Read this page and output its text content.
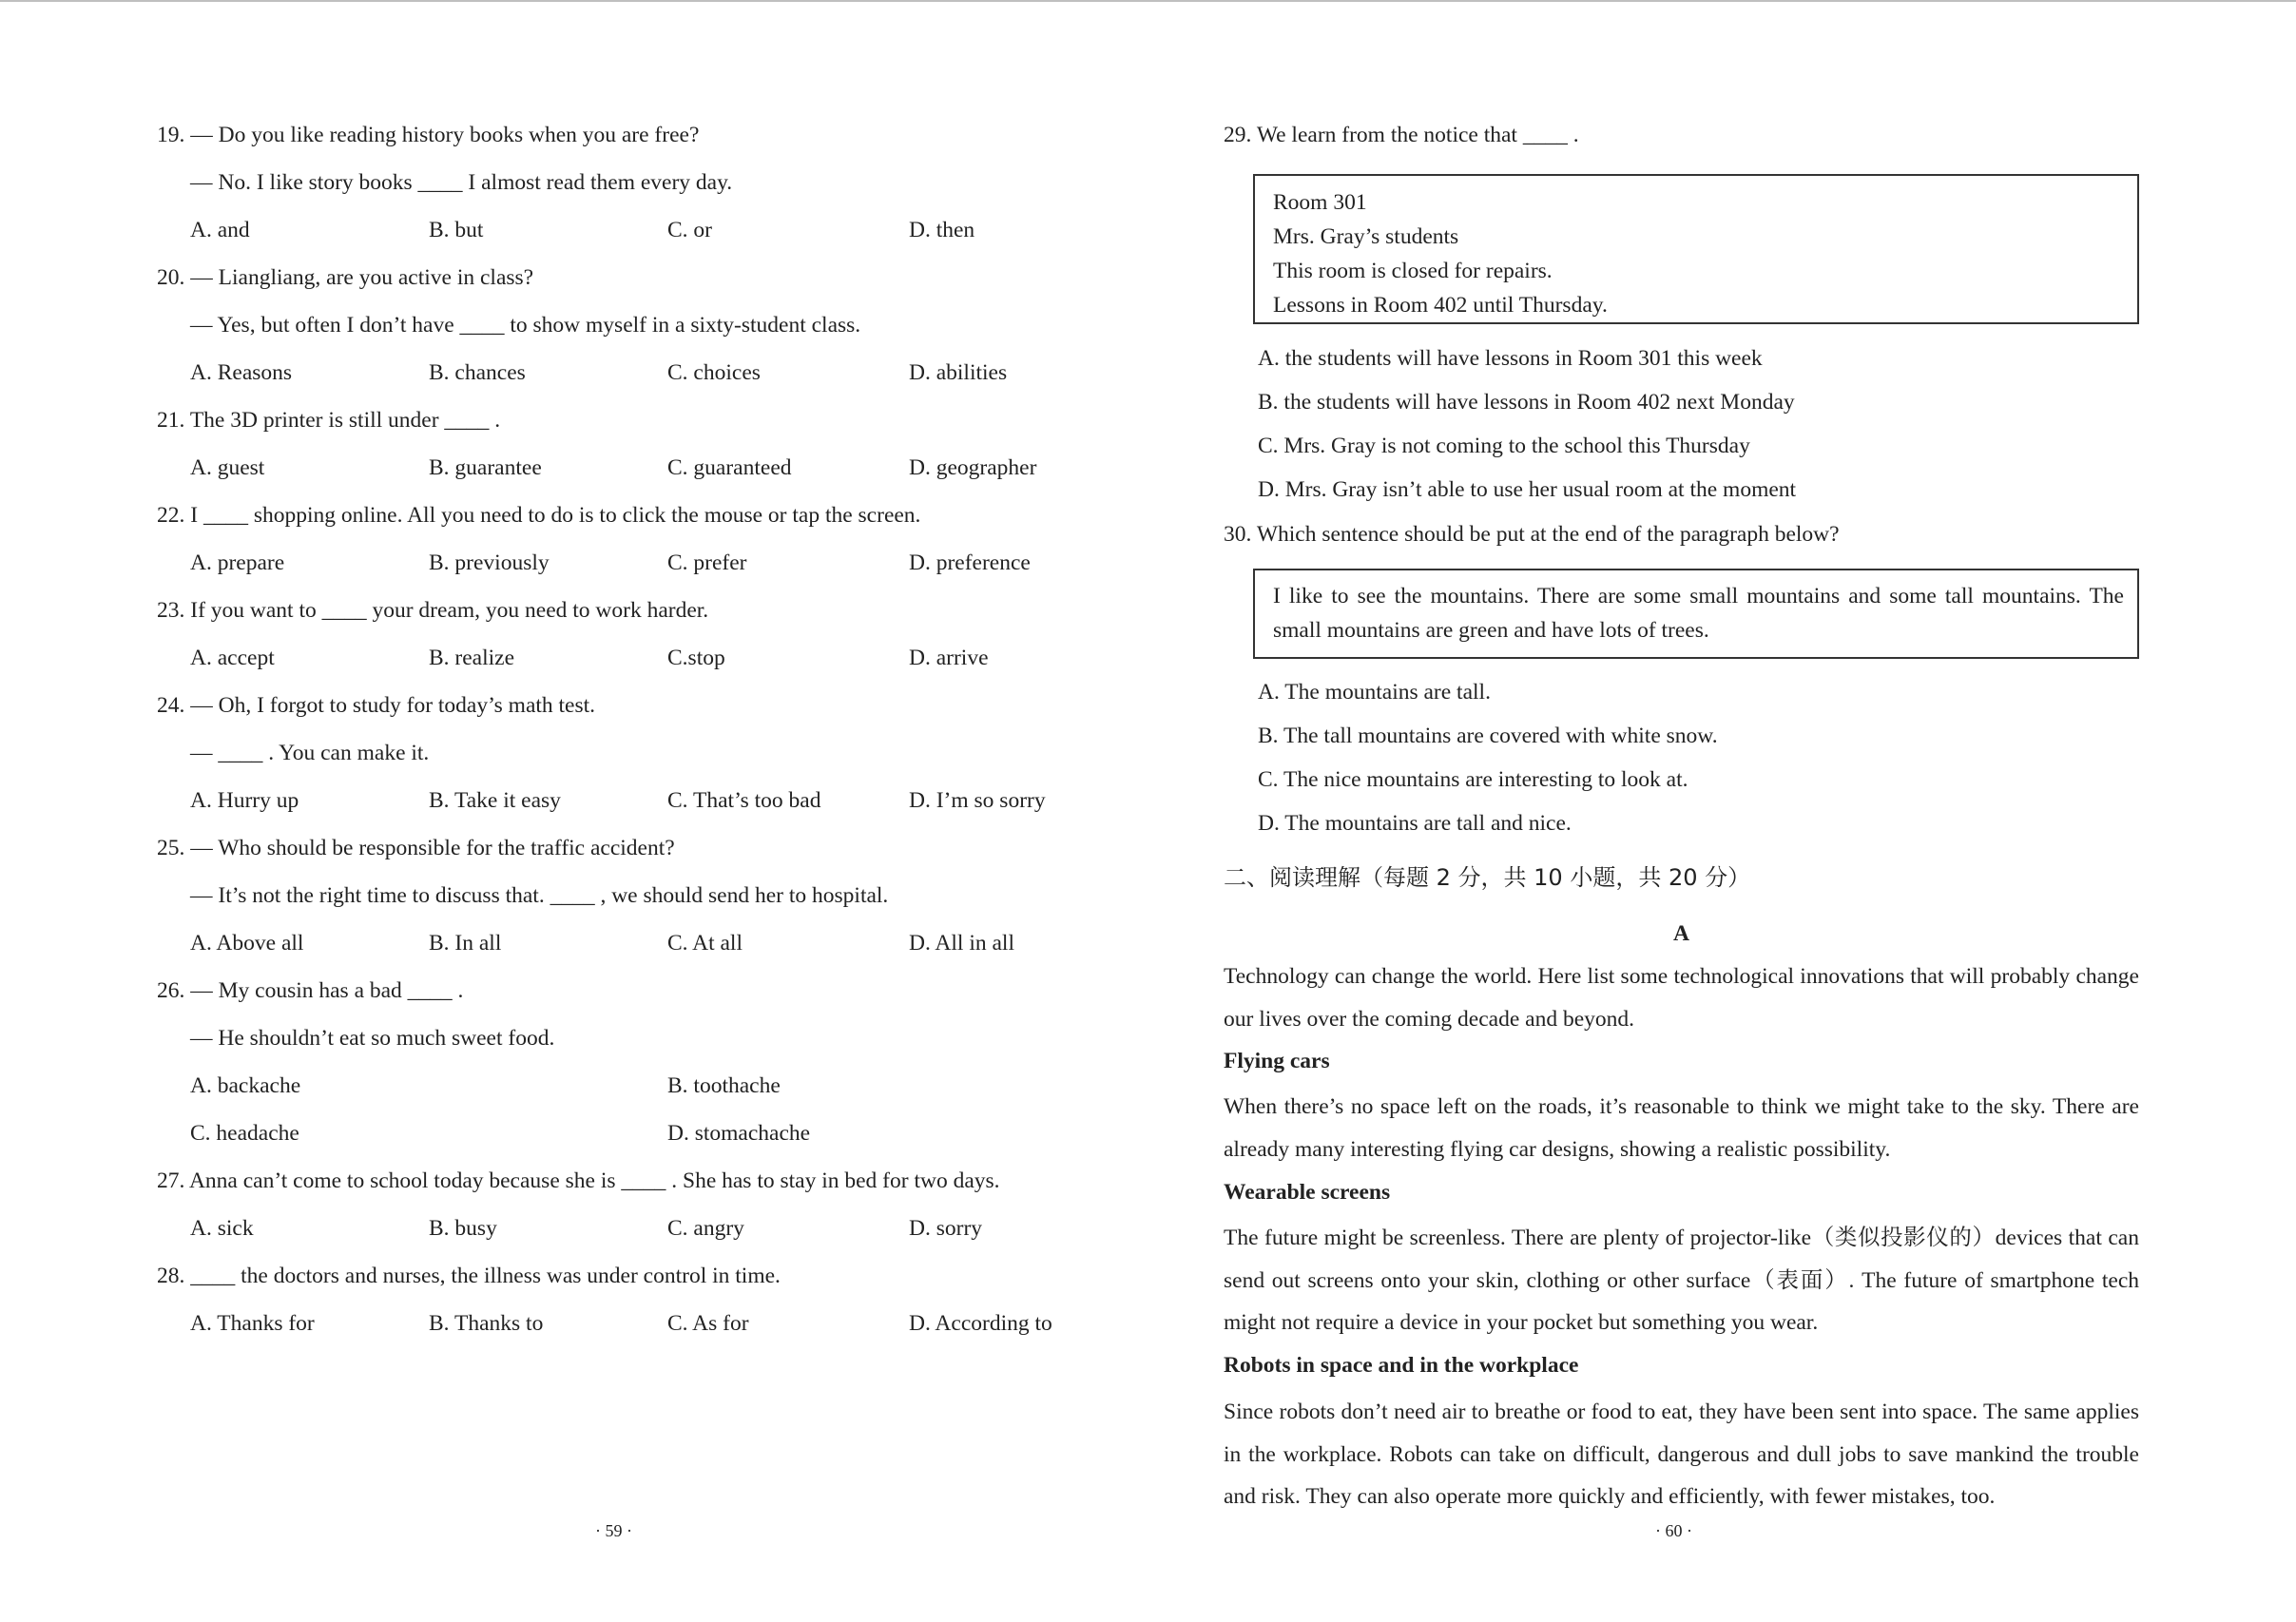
19. — Do you like reading history books when you are free?
— No. I like story books ____ I almost read them every day.
A. and	B. but	C. or	D. then
20. — Liangliang, are you active in class?
— Yes, but often I don’t have ____ to show myself in a sixty-student class.
A. Reasons	B. chances	C. choices	D. abilities
21. The 3D printer is still under ____ .
A. guest	B. guarantee	C. guaranteed	D. geographer
22. I ____ shopping online. All you need to do is to click the mouse or tap the screen.
A. prepare	B. previously	C. prefer	D. preference
23. If you want to ____ your dream, you need to work harder.
A. accept	B. realize	C.stop	D. arrive
24. — Oh, I forgot to study for today’s math test.
— ____ . You can make it.
A. Hurry up	B. Take it easy	C. That’s too bad	D. I’m so sorry
25. — Who should be responsible for the traffic accident?
— It’s not the right time to discuss that. ____ , we should send her to hospital.
A. Above all	B. In all	C. At all	D. All in all
26. — My cousin has a bad ____ .
— He shouldn’t eat so much sweet food.
A. backache	B. toothache
C. headache	D. stomachache
27. Anna can’t come to school today because she is ____ . She has to stay in bed for two days.
A. sick	B. busy	C. angry	D. sorry
28. ____ the doctors and nurses, the illness was under control in time.
A. Thanks for	B. Thanks to	C. As for	D. According to
· 59 ·
29. We learn from the notice that ____ .
Room 301
Mrs. Gray’s students
This room is closed for repairs.
Lessons in Room 402 until Thursday.
A. the students will have lessons in Room 301 this week
B. the students will have lessons in Room 402 next Monday
C. Mrs. Gray is not coming to the school this Thursday
D. Mrs. Gray isn’t able to use her usual room at the moment
30. Which sentence should be put at the end of the paragraph below?
I like to see the mountains. There are some small mountains and some tall mountains. The small mountains are green and have lots of trees.
A. The mountains are tall.
B. The tall mountains are covered with white snow.
C. The nice mountains are interesting to look at.
D. The mountains are tall and nice.
二、阅读理解（每题 2 分，共 10 小题，共 20 分）
A
Technology can change the world. Here list some technological innovations that will probably change our lives over the coming decade and beyond.
Flying cars
When there’s no space left on the roads, it’s reasonable to think we might take to the sky. There are already many interesting flying car designs, showing a realistic possibility.
Wearable screens
The future might be screenless. There are plenty of projector-like（类似投影仪的）devices that can send out screens onto your skin, clothing or other surface（表面）. The future of smartphone tech might not require a device in your pocket but something you wear.
Robots in space and in the workplace
Since robots don’t need air to breathe or food to eat, they have been sent into space. The same applies in the workplace. Robots can take on difficult, dangerous and dull jobs to save mankind the trouble and risk. They can also operate more quickly and efficiently, with fewer mistakes, too.
· 60 ·
